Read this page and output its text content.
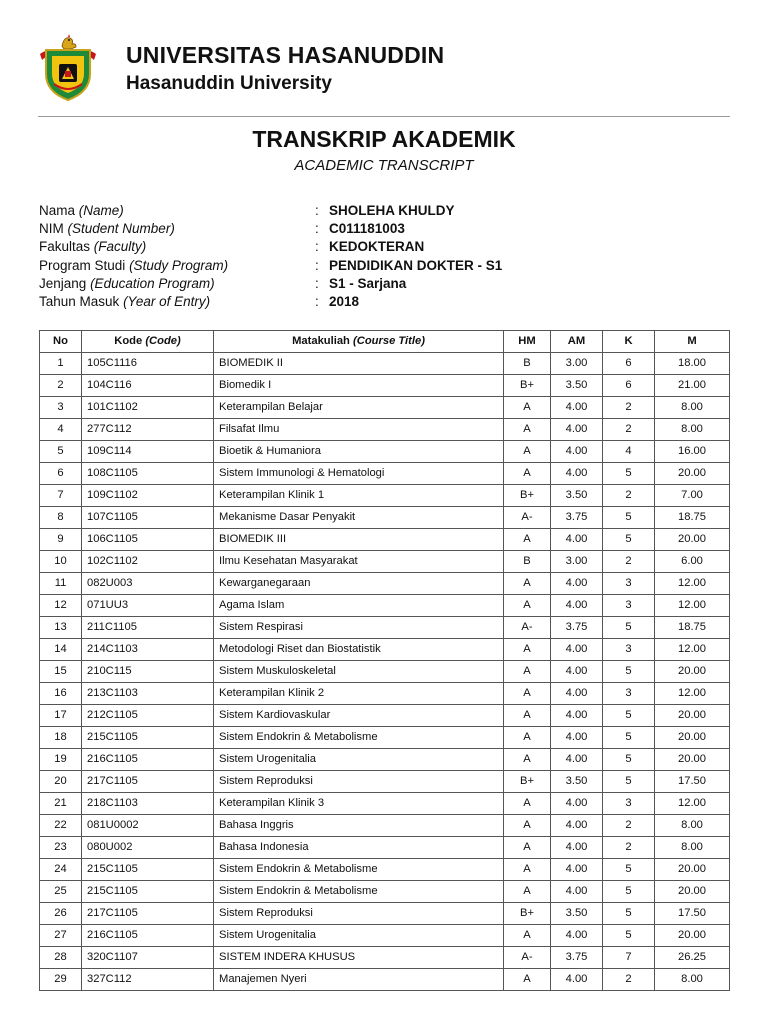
UNIVERSITAS HASANUDDIN
Hasanuddin University
TRANSKRIP AKADEMIK
ACADEMIC TRANSCRIPT
Nama (Name)	: SHOLEHA KHULDY
NIM (Student Number)	: C011181003
Fakultas (Faculty)	: KEDOKTERAN
Program Studi (Study Program)	: PENDIDIKAN DOKTER - S1
Jenjang (Education Program)	: S1 - Sarjana
Tahun Masuk (Year of Entry)	: 2018
No	Kode (Code)	Matakuliah (Course Title)	HM	AM	K	M
1	105C1116	BIOMEDIK II	B	3.00	6	18.00
2	104C116	Biomedik I	B+	3.50	6	21.00
3	101C1102	Keterampilan Belajar	A	4.00	2	8.00
4	277C112	Filsafat Ilmu	A	4.00	2	8.00
5	109C114	Bioetik & Humaniora	A	4.00	4	16.00
6	108C1105	Sistem Immunologi & Hematologi	A	4.00	5	20.00
7	109C1102	Keterampilan Klinik 1	B+	3.50	2	7.00
8	107C1105	Mekanisme Dasar Penyakit	A-	3.75	5	18.75
9	106C1105	BIOMEDIK III	A	4.00	5	20.00
10	102C1102	Ilmu Kesehatan Masyarakat	B	3.00	2	6.00
11	082U003	Kewarganegaraan	A	4.00	3	12.00
12	071UU3	Agama Islam	A	4.00	3	12.00
13	211C1105	Sistem Respirasi	A-	3.75	5	18.75
14	214C1103	Metodologi Riset dan Biostatistik	A	4.00	3	12.00
15	210C115	Sistem Muskuloskeletal	A	4.00	5	20.00
16	213C1103	Keterampilan Klinik 2	A	4.00	3	12.00
17	212C1105	Sistem Kardiovaskular	A	4.00	5	20.00
18	215C1105	Sistem Endokrin & Metabolisme	A	4.00	5	20.00
19	216C1105	Sistem Urogenitalia	A	4.00	5	20.00
20	217C1105	Sistem Reproduksi	B+	3.50	5	17.50
21	218C1103	Keterampilan Klinik 3	A	4.00	3	12.00
22	081U0002	Bahasa Inggris	A	4.00	2	8.00
23	080U002	Bahasa Indonesia	A	4.00	2	8.00
24	215C1105	Sistem Endokrin & Metabolisme	A	4.00	5	20.00
25	215C1105	Sistem Endokrin & Metabolisme	A	4.00	5	20.00
26	217C1105	Sistem Reproduksi	B+	3.50	5	17.50
27	216C1105	Sistem Urogenitalia	A	4.00	5	20.00
28	320C1107	SISTEM INDERA KHUSUS	A-	3.75	7	26.25
29	327C112	Manajemen Nyeri	A	4.00	2	8.00
